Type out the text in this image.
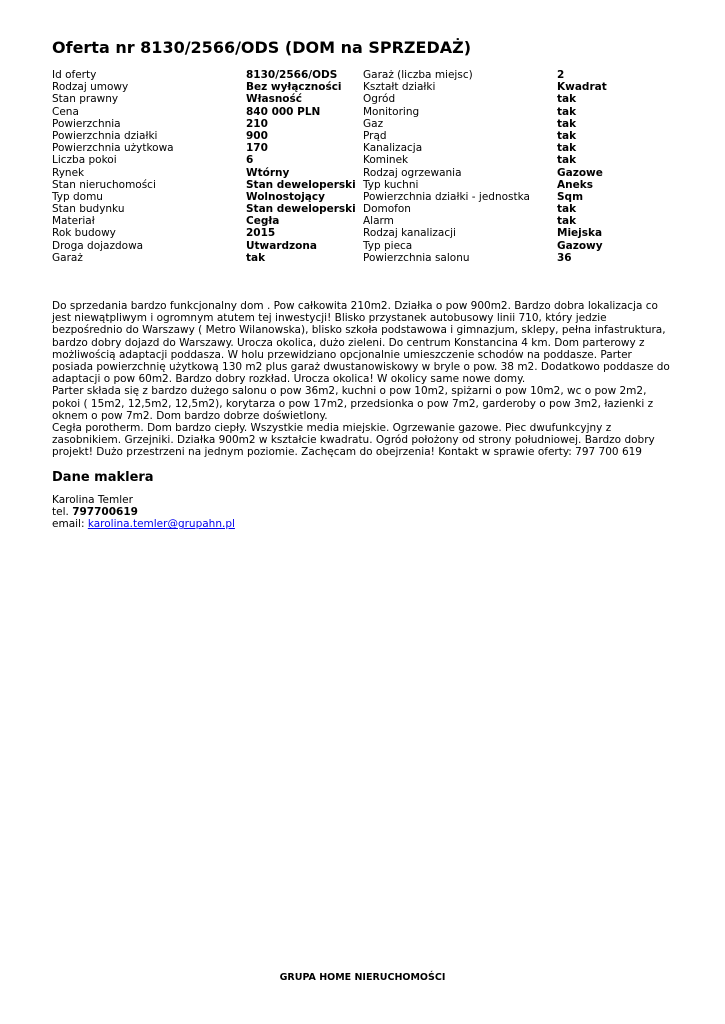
Oferta nr 8130/2566/ODS (DOM na SPRZEDAŻ)
Id oferty	8130/2566/ODS
Rodzaj umowy	Bez wyłączności
Stan prawny	Własność
Cena	840 000 PLN
Powierzchnia	210
Powierzchnia działki	900
Powierzchnia użytkowa	170
Liczba pokoi	6
Rynek	Wtórny
Stan nieruchomości	Stan deweloperski
Typ domu	Wolnostojący
Stan budynku	Stan deweloperski
Materiał	Cegła
Rok budowy	2015
Droga dojazdowa	Utwardzona
Garaż	tak
Garaż (liczba miejsc)	2
Kształt działki	Kwadrat
Ogród	tak
Monitoring	tak
Gaz	tak
Prąd	tak
Kanalizacja	tak
Kominek	tak
Rodzaj ogrzewania	Gazowe
Typ kuchni	Aneks
Powierzchnia działki - jednostka	Sqm
Domofon	tak
Alarm	tak
Rodzaj kanalizacji	Miejska
Typ pieca	Gazowy
Powierzchnia salonu	36

Do sprzedania bardzo funkcjonalny dom . Pow całkowita 210m2. Działka o pow 900m2. Bardzo dobra lokalizacja co jest niewątpliwym i ogromnym atutem tej inwestycji! Blisko przystanek autobusowy linii 710, który jedzie bezpośrednio do Warszawy ( Metro Wilanowska), blisko szkoła podstawowa i gimnazjum, sklepy, pełna infastruktura, bardzo dobry dojazd do Warszawy. Urocza okolica, dużo zieleni. Do centrum Konstancina 4 km. Dom parterowy z możliwością adaptacji poddasza. W holu przewidziano opcjonalnie umieszczenie schodów na poddasze. Parter posiada powierzchnię użytkową 130 m2 plus garaż dwustanowiskowy w bryle o pow. 38 m2. Dodatkowo poddasze do adaptacji o pow 60m2. Bardzo dobry rozkład. Urocza okolica! W okolicy same nowe domy.

Parter składa się z bardzo dużego salonu o pow 36m2, kuchni o pow 10m2, spiżarni o pow 10m2, wc o pow 2m2, pokoi ( 15m2, 12,5m2, 12,5m2), korytarza o pow 17m2, przedsionka o pow 7m2, garderoby o pow 3m2, łazienki z oknem o pow 7m2. Dom bardzo dobrze doświetlony.

Cegła porotherm. Dom bardzo ciepły. Wszystkie media miejskie. Ogrzewanie gazowe. Piec dwufunkcyjny z zasobnikiem. Grzejniki. Działka 900m2 w kształcie kwadratu. Ogród położony od strony południowej. Bardzo dobry projekt! Dużo przestrzeni na jednym poziomie. Zachęcam do obejrzenia! Kontakt w sprawie oferty: 797 700 619

Dane maklera
Karolina Temler
tel. 797700619
email: karolina.temler@grupahn.pl
GRUPA HOME NIERUCHOMOŚCI
